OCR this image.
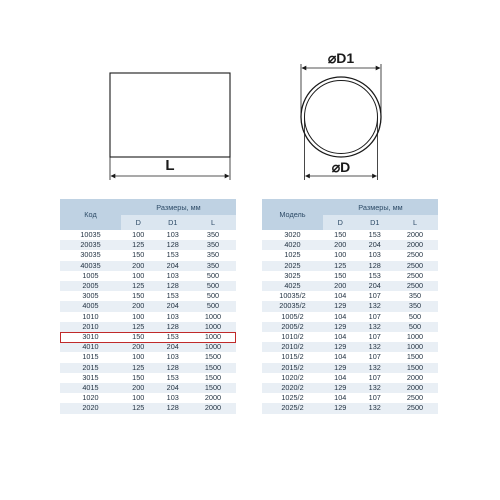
L
⌀D1
⌀D
Код	Размеры, мм		
	D	D1	L
10035	100	103	350
20035	125	128	350
30035	150	153	350
40035	200	204	350
1005	100	103	500
2005	125	128	500
3005	150	153	500
4005	200	204	500
1010	100	103	1000
2010	125	128	1000
3010	150	153	1000
4010	200	204	1000
1015	100	103	1500
2015	125	128	1500
3015	150	153	1500
4015	200	204	1500
1020	100	103	2000
2020	125	128	2000
Модель	Размеры, мм		
	D	D1	L
3020	150	153	2000
4020	200	204	2000
1025	100	103	2500
2025	125	128	2500
3025	150	153	2500
4025	200	204	2500
10035/2	104	107	350
20035/2	129	132	350
1005/2	104	107	500
2005/2	129	132	500
1010/2	104	107	1000
2010/2	129	132	1000
1015/2	104	107	1500
2015/2	129	132	1500
1020/2	104	107	2000
2020/2	129	132	2000
1025/2	104	107	2500
2025/2	129	132	2500
